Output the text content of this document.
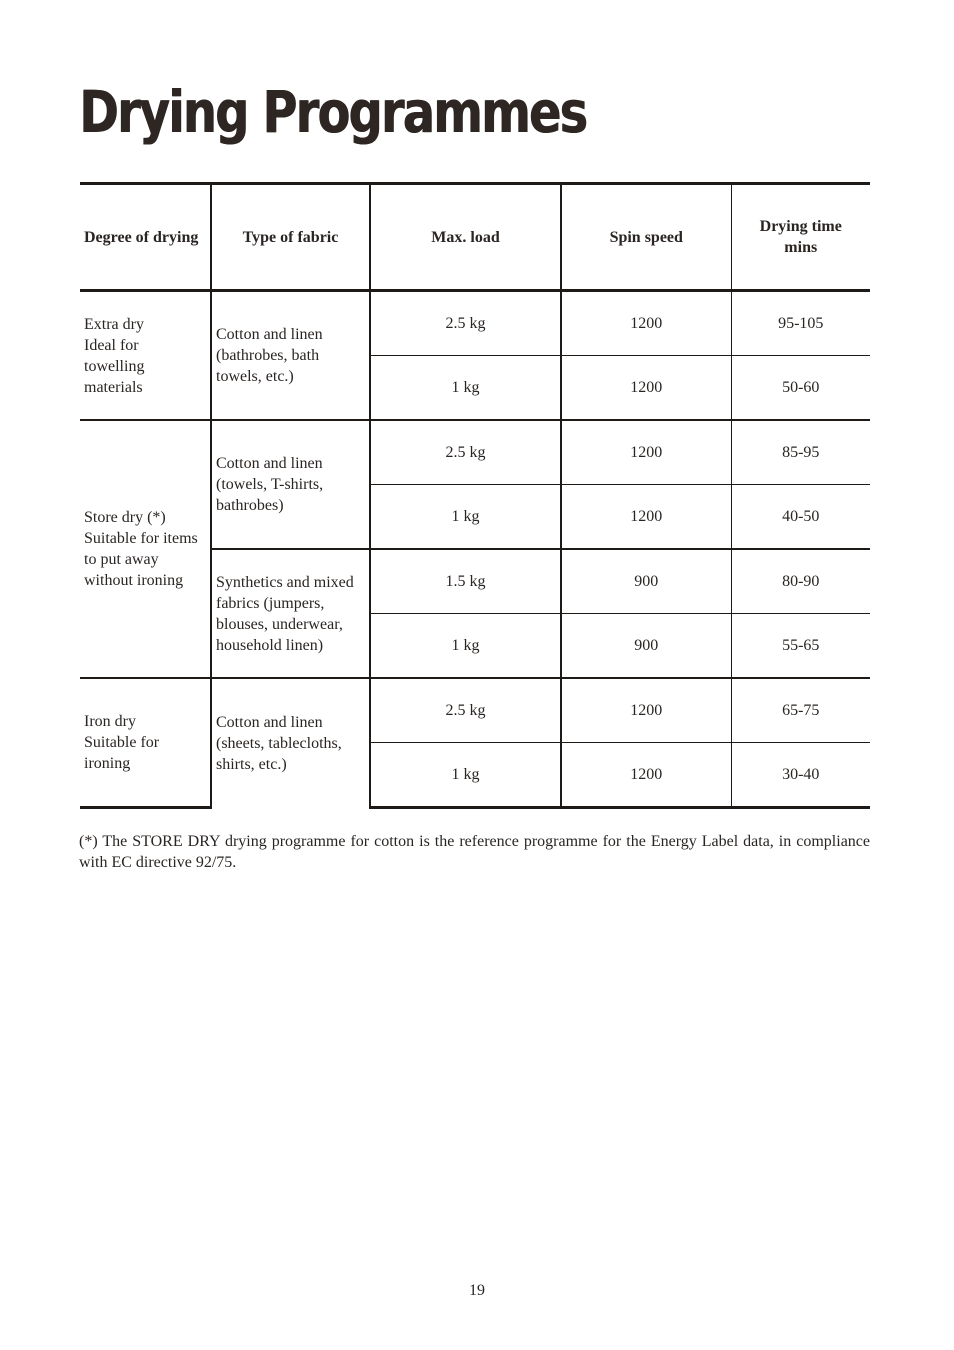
Drying Programmes
Degree of drying	Type of fabric	Max. load	Spin speed	Drying time
mins
Extra dry
Ideal for
towelling
materials	Cotton and linen
(bathrobes, bath
towels, etc.)	2.5 kg	1200	95-105
		1 kg	1200	50-60
Store dry (*)
Suitable for items
to put away
without ironing	Cotton and linen
(towels, T-shirts,
bathrobes)	2.5 kg	1200	85-95
		1 kg	1200	40-50
	Synthetics and mixed
fabrics (jumpers,
blouses, underwear,
household linen)	1.5 kg	900	80-90
		1 kg	900	55-65
Iron dry
Suitable for
ironing	Cotton and linen
(sheets, tablecloths,
shirts, etc.)	2.5 kg	1200	65-75
		1 kg	1200	30-40
(*) The STORE DRY drying programme for cotton is the reference programme for the Energy Label data, in compliance with EC directive 92/75.
19
